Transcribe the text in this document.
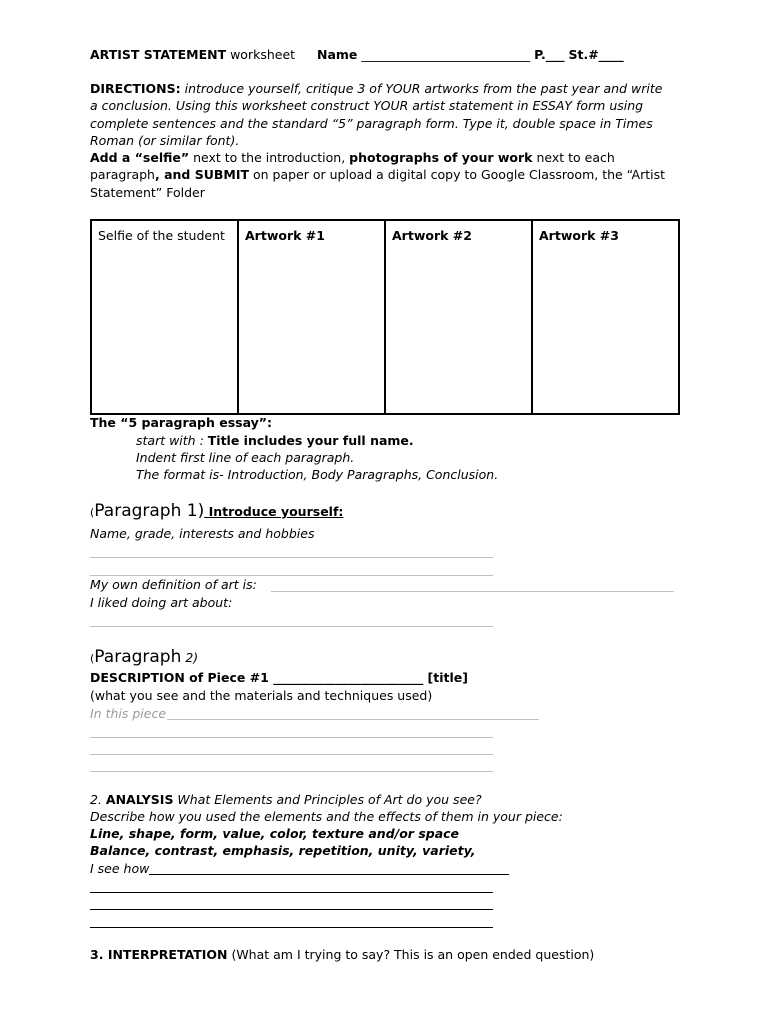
ARTIST STATEMENT worksheet Name ___________________________ P.___ St.#____
DIRECTIONS: introduce yourself, critique 3 of YOUR artworks from the past year and write
a conclusion. Using this worksheet construct YOUR artist statement in ESSAY form using
complete sentences and the standard “5” paragraph form. Type it, double space in Times
Roman (or similar font).
Add a “selfie” next to the introduction, photographs of your work next to each
paragraph, and SUBMIT on paper or upload a digital copy to Google Classroom, the “Artist
Statement” Folder
Selfie of the student	Artwork #1	Artwork #2	Artwork #3
The “5 paragraph essay”:
start with : Title includes your full name.
Indent first line of each paragraph.
The format is- Introduction, Body Paragraphs, Conclusion.
(Paragraph 1) Introduce yourself:
Name, grade, interests and hobbies
My own definition of art is:
I liked doing art about:
(Paragraph 2)
DESCRIPTION of Piece #1 ________________________ [title]
(what you see and the materials and techniques used)
In this piece
2. ANALYSIS What Elements and Principles of Art do you see?
Describe how you used the elements and the effects of them in your piece:
Line, shape, form, value, color, texture and/or space
Balance, contrast, emphasis, repetition, unity, variety,
I see how
3. INTERPRETATION (What am I trying to say? This is an open ended question)
